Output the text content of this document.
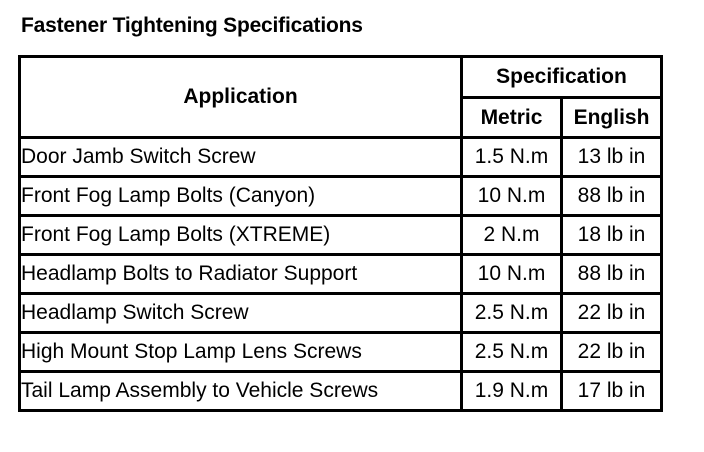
Fastener Tightening Specifications
Application	Specification	
	Metric	English
Door Jamb Switch Screw	1.5 N.m	13 lb in
Front Fog Lamp Bolts (Canyon)	10 N.m	88 lb in
Front Fog Lamp Bolts (XTREME)	2 N.m	18 lb in
Headlamp Bolts to Radiator Support	10 N.m	88 lb in
Headlamp Switch Screw	2.5 N.m	22 lb in
High Mount Stop Lamp Lens Screws	2.5 N.m	22 lb in
Tail Lamp Assembly to Vehicle Screws	1.9 N.m	17 lb in
